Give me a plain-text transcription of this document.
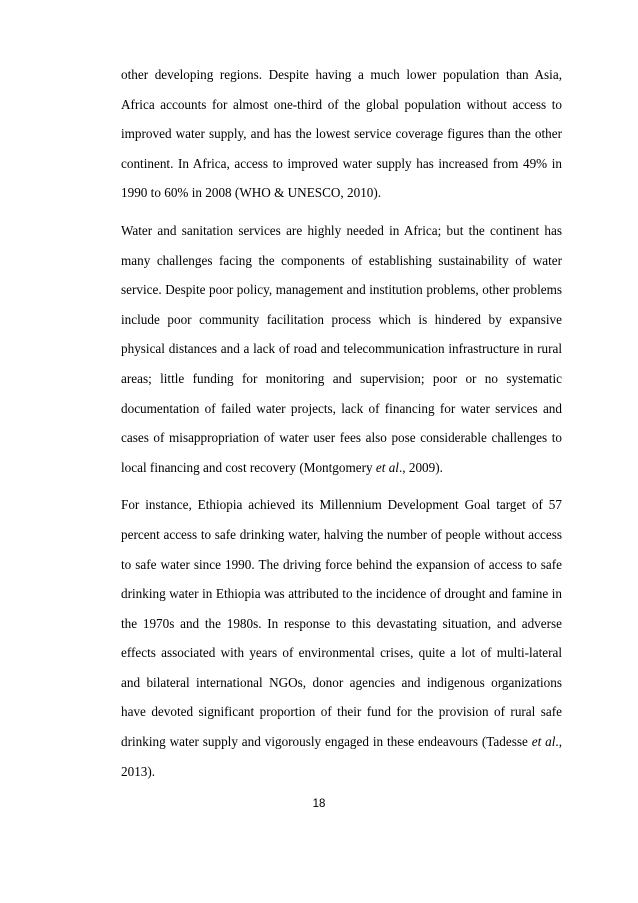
other developing regions. Despite having a much lower population than Asia, Africa accounts for almost one-third of the global population without access to improved water supply, and has the lowest service coverage figures than the other continent. In Africa, access to improved water supply has increased from 49% in 1990 to 60% in 2008 (WHO & UNESCO, 2010).

Water and sanitation services are highly needed in Africa; but the continent has many challenges facing the components of establishing sustainability of water service. Despite poor policy, management and institution problems, other problems include poor community facilitation process which is hindered by expansive physical distances and a lack of road and telecommunication infrastructure in rural areas; little funding for monitoring and supervision; poor or no systematic documentation of failed water projects, lack of financing for water services and cases of misappropriation of water user fees also pose considerable challenges to local financing and cost recovery (Montgomery et al., 2009).

For instance, Ethiopia achieved its Millennium Development Goal target of 57 percent access to safe drinking water, halving the number of people without access to safe water since 1990. The driving force behind the expansion of access to safe drinking water in Ethiopia was attributed to the incidence of drought and famine in the 1970s and the 1980s. In response to this devastating situation, and adverse effects associated with years of environmental crises, quite a lot of multi-lateral and bilateral international NGOs, donor agencies and indigenous organizations have devoted significant proportion of their fund for the provision of rural safe drinking water supply and vigorously engaged in these endeavours (Tadesse et al., 2013).

18
